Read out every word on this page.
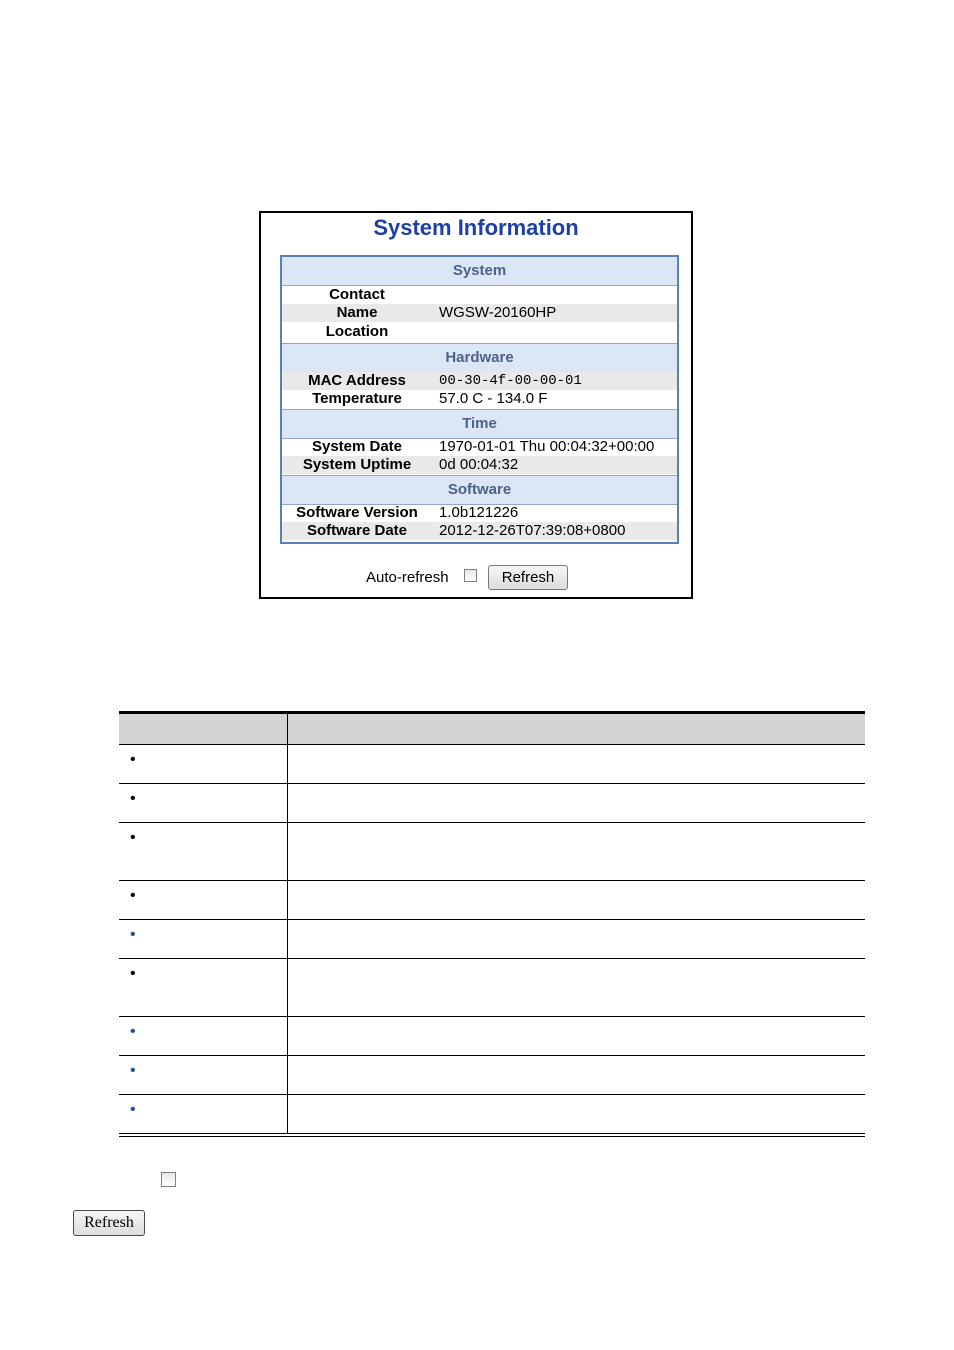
System Information
System
Contact
Name	WGSW-20160HP
Location
Hardware
MAC Address	00-30-4f-00-00-01
Temperature	57.0 C - 134.0 F
Time
System Date	1970-01-01 Thu 00:04:32+00:00
System Uptime	0d 00:04:32
Software
Software Version	1.0b121226
Software Date	2012-12-26T07:39:08+0800
Auto-refresh	Refresh
•
•
•
•
•
•
•
•
•
Refresh
